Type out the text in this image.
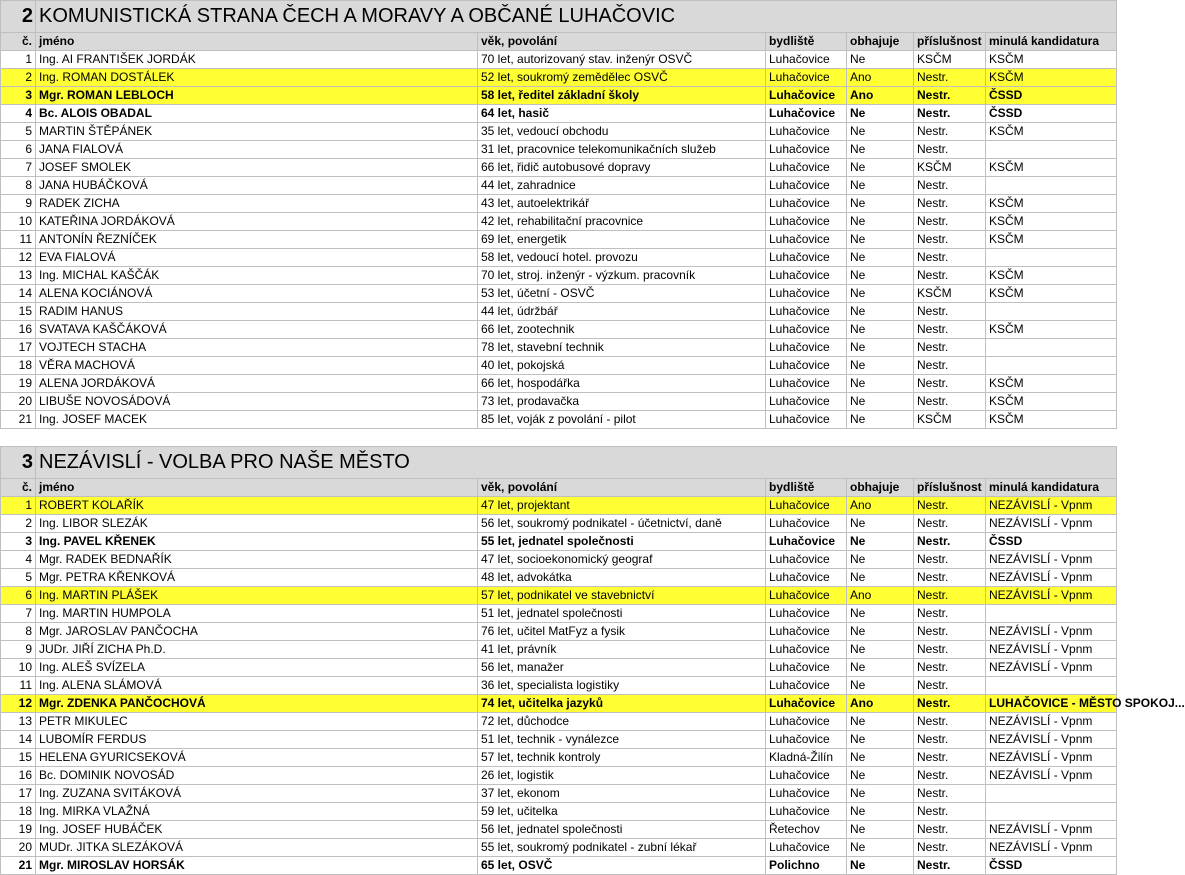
2	KOMUNISTICKÁ STRANA ČECH A MORAVY A OBČANÉ LUHAČOVIC					
č.	jméno	věk, povolání	bydliště	obhajuje	příslušnost	minulá kandidatura
1	Ing. AI FRANTIŠEK JORDÁK	70 let, autorizovaný stav. inženýr OSVČ	Luhačovice	Ne	KSČM	KSČM
2	Ing. ROMAN DOSTÁLEK	52 let, soukromý zemědělec OSVČ	Luhačovice	Ano	Nestr.	KSČM
3	Mgr. ROMAN LEBLOCH	58 let, ředitel základní školy	Luhačovice	Ano	Nestr.	ČSSD
4	Bc. ALOIS OBADAL	64 let, hasič	Luhačovice	Ne	Nestr.	ČSSD
5	MARTIN ŠTĚPÁNEK	35 let, vedoucí obchodu	Luhačovice	Ne	Nestr.	KSČM
6	JANA FIALOVÁ	31 let, pracovnice telekomunikačních služeb	Luhačovice	Ne	Nestr.	
7	JOSEF SMOLEK	66 let, řidič autobusové dopravy	Luhačovice	Ne	KSČM	KSČM
8	JANA HUBÁČKOVÁ	44 let, zahradnice	Luhačovice	Ne	Nestr.	
9	RADEK ZICHA	43 let, autoelektrikář	Luhačovice	Ne	Nestr.	KSČM
10	KATEŘINA JORDÁKOVÁ	42 let, rehabilitační pracovnice	Luhačovice	Ne	Nestr.	KSČM
11	ANTONÍN ŘEZNÍČEK	69 let, energetik	Luhačovice	Ne	Nestr.	KSČM
12	EVA FIALOVÁ	58 let, vedoucí hotel. provozu	Luhačovice	Ne	Nestr.	
13	Ing. MICHAL KAŠČÁK	70 let, stroj. inženýr - výzkum. pracovník	Luhačovice	Ne	Nestr.	KSČM
14	ALENA KOCIÁNOVÁ	53 let, účetní - OSVČ	Luhačovice	Ne	KSČM	KSČM
15	RADIM HANUS	44 let, údržbář	Luhačovice	Ne	Nestr.	
16	SVATAVA KAŠČÁKOVÁ	66 let, zootechnik	Luhačovice	Ne	Nestr.	KSČM
17	VOJTECH STACHA	78 let, stavební technik	Luhačovice	Ne	Nestr.	
18	VĚRA MACHOVÁ	40 let, pokojská	Luhačovice	Ne	Nestr.	
19	ALENA JORDÁKOVÁ	66 let, hospodářka	Luhačovice	Ne	Nestr.	KSČM
20	LIBUŠE NOVOSÁDOVÁ	73 let, prodavačka	Luhačovice	Ne	Nestr.	KSČM
21	Ing. JOSEF MACEK	85 let, voják z povolání - pilot	Luhačovice	Ne	KSČM	KSČM

3	NEZÁVISLÍ - VOLBA PRO NAŠE MĚSTO					
č.	jméno	věk, povolání	bydliště	obhajuje	příslušnost	minulá kandidatura
1	ROBERT KOLAŘÍK	47 let, projektant	Luhačovice	Ano	Nestr.	NEZÁVISLÍ - Vpnm
2	Ing. LIBOR SLEZÁK	56 let, soukromý podnikatel - účetnictví, daně	Luhačovice	Ne	Nestr.	NEZÁVISLÍ - Vpnm
3	Ing. PAVEL KŘENEK	55 let, jednatel společnosti	Luhačovice	Ne	Nestr.	ČSSD
4	Mgr. RADEK BEDNAŘÍK	47 let, socioekonomický geograf	Luhačovice	Ne	Nestr.	NEZÁVISLÍ - Vpnm
5	Mgr. PETRA KŘENKOVÁ	48 let, advokátka	Luhačovice	Ne	Nestr.	NEZÁVISLÍ - Vpnm
6	Ing. MARTIN PLÁŠEK	57 let, podnikatel ve stavebnictví	Luhačovice	Ano	Nestr.	NEZÁVISLÍ - Vpnm
7	Ing. MARTIN HUMPOLA	51 let, jednatel společnosti	Luhačovice	Ne	Nestr.	
8	Mgr. JAROSLAV PANČOCHA	76 let, učitel MatFyz a fysik	Luhačovice	Ne	Nestr.	NEZÁVISLÍ - Vpnm
9	JUDr. JIŘÍ ZICHA Ph.D.	41 let, právník	Luhačovice	Ne	Nestr.	NEZÁVISLÍ - Vpnm
10	Ing. ALEŠ SVÍZELA	56 let, manažer	Luhačovice	Ne	Nestr.	NEZÁVISLÍ - Vpnm
11	Ing. ALENA SLÁMOVÁ	36 let, specialista logistiky	Luhačovice	Ne	Nestr.	
12	Mgr. ZDENKA PANČOCHOVÁ	74 let, učitelka jazyků	Luhačovice	Ano	Nestr.	LUHAČOVICE - MĚSTO SPOKOJ...
13	PETR MIKULEC	72 let, důchodce	Luhačovice	Ne	Nestr.	NEZÁVISLÍ - Vpnm
14	LUBOMÍR FERDUS	51 let, technik - vynálezce	Luhačovice	Ne	Nestr.	NEZÁVISLÍ - Vpnm
15	HELENA GYURICSEKOVÁ	57 let, technik kontroly	Kladná-Žilín	Ne	Nestr.	NEZÁVISLÍ - Vpnm
16	Bc. DOMINIK NOVOSÁD	26 let, logistik	Luhačovice	Ne	Nestr.	NEZÁVISLÍ - Vpnm
17	Ing. ZUZANA SVITÁKOVÁ	37 let, ekonom	Luhačovice	Ne	Nestr.	
18	Ing. MIRKA VLAŽNÁ	59 let, učitelka	Luhačovice	Ne	Nestr.	
19	Ing. JOSEF HUBÁČEK	56 let, jednatel společnosti	Řetechov	Ne	Nestr.	NEZÁVISLÍ - Vpnm
20	MUDr. JITKA SLEZÁKOVÁ	55 let, soukromý podnikatel - zubní lékař	Luhačovice	Ne	Nestr.	NEZÁVISLÍ - Vpnm
21	Mgr. MIROSLAV HORSÁK	65 let, OSVČ	Polichno	Ne	Nestr.	ČSSD
